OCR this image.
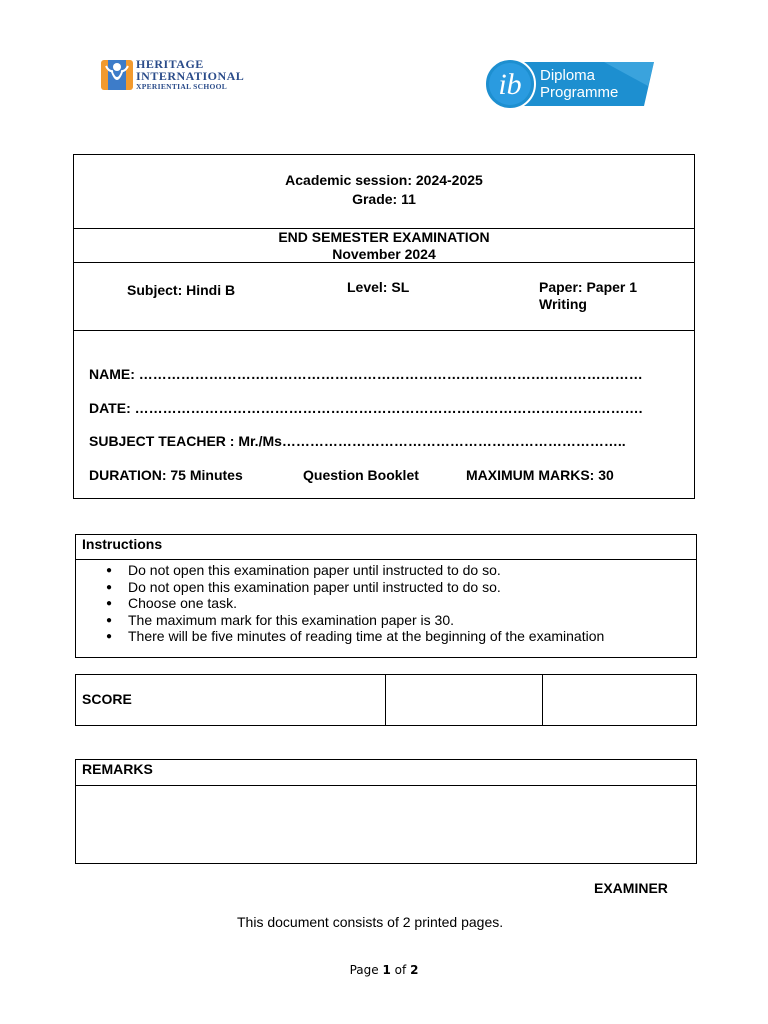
HERITAGE
INTERNATIONAL
XPERIENTIAL SCHOOL	ib Diploma
Programme
Academic session: 2024-2025
Grade: 11
END SEMESTER EXAMINATION
November 2024
Subject: Hindi B	Level: SL	Paper: Paper 1
Writing
NAME: ………………………………………………………………………………………………
DATE: ……………………………………………………………………………………………….
SUBJECT TEACHER : Mr./Ms………………………………………………………………..
DURATION: 75 Minutes	Question Booklet	MAXIMUM MARKS: 30
Instructions
● Do not open this examination paper until instructed to do so.
● Do not open this examination paper until instructed to do so.
● Choose one task.
● The maximum mark for this examination paper is 30.
● There will be five minutes of reading time at the beginning of the examination
SCORE
REMARKS
EXAMINER
This document consists of 2 printed pages.
Page 1 of 2
